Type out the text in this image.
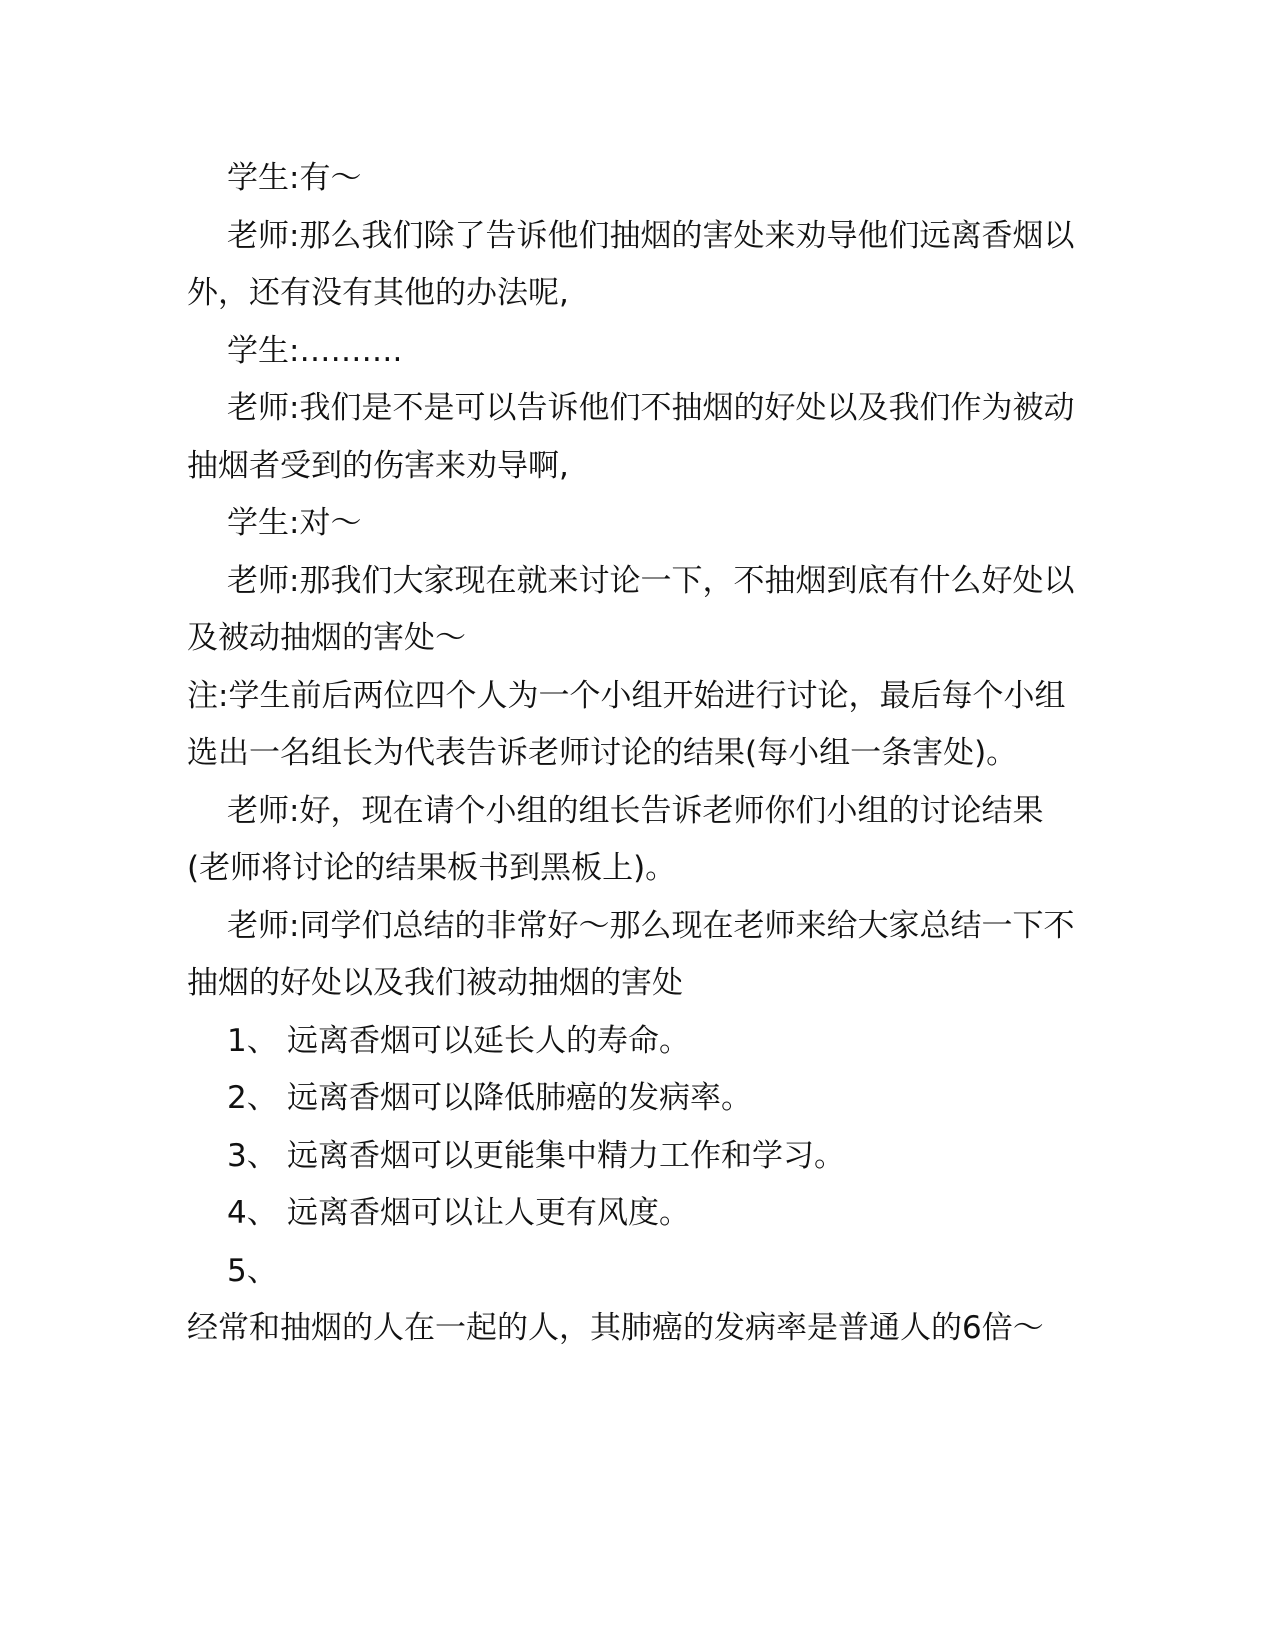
学生:有～

老师:那么我们除了告诉他们抽烟的害处来劝导他们远离香烟以外，还有没有其他的办法呢,

学生:……….

老师:我们是不是可以告诉他们不抽烟的好处以及我们作为被动抽烟者受到的伤害来劝导啊,

学生:对～

老师:那我们大家现在就来讨论一下，不抽烟到底有什么好处以及被动抽烟的害处～

注:学生前后两位四个人为一个小组开始进行讨论，最后每个小组选出一名组长为代表告诉老师讨论的结果(每小组一条害处)。

老师:好，现在请个小组的组长告诉老师你们小组的讨论结果(老师将讨论的结果板书到黑板上)。

老师:同学们总结的非常好～那么现在老师来给大家总结一下不抽烟的好处以及我们被动抽烟的害处

1、 远离香烟可以延长人的寿命。
2、 远离香烟可以降低肺癌的发病率。
3、 远离香烟可以更能集中精力工作和学习。
4、 远离香烟可以让人更有风度。
5、

经常和抽烟的人在一起的人，其肺癌的发病率是普通人的6倍～
